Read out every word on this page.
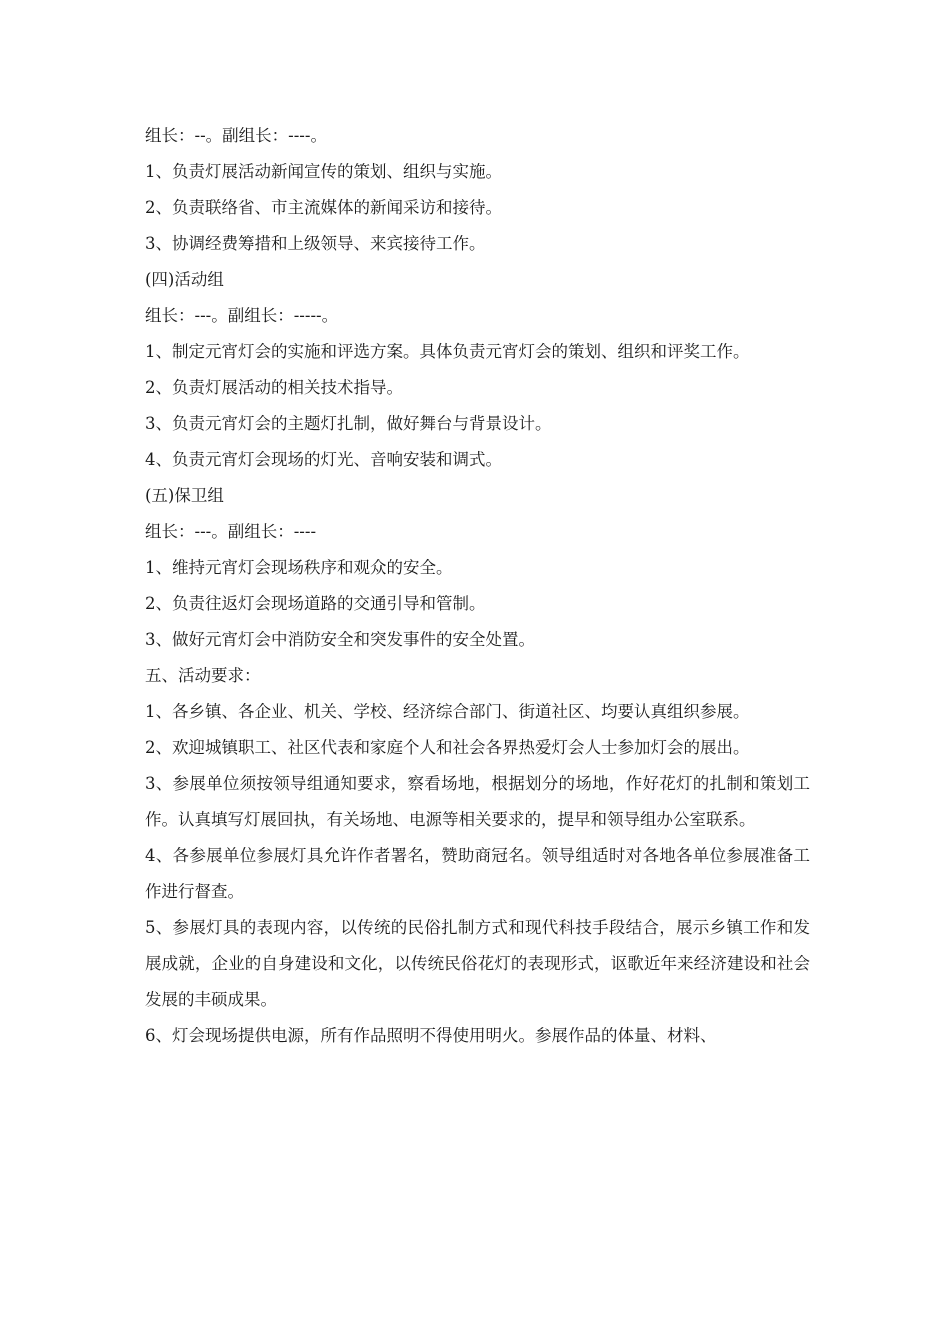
组长：--。副组长：----。

1、负责灯展活动新闻宣传的策划、组织与实施。

2、负责联络省、市主流媒体的新闻采访和接待。

3、协调经费筹措和上级领导、来宾接待工作。

(四)活动组

组长：---。副组长：-----。

1、制定元宵灯会的实施和评选方案。具体负责元宵灯会的策划、组织和评奖工作。

2、负责灯展活动的相关技术指导。

3、负责元宵灯会的主题灯扎制，做好舞台与背景设计。

4、负责元宵灯会现场的灯光、音响安装和调式。

(五)保卫组

组长：---。副组长：----

1、维持元宵灯会现场秩序和观众的安全。

2、负责往返灯会现场道路的交通引导和管制。

3、做好元宵灯会中消防安全和突发事件的安全处置。

五、活动要求：

1、各乡镇、各企业、机关、学校、经济综合部门、街道社区、均要认真组织参展。

2、欢迎城镇职工、社区代表和家庭个人和社会各界热爱灯会人士参加灯会的展出。

3、参展单位须按领导组通知要求，察看场地，根据划分的场地，作好花灯的扎制和策划工作。认真填写灯展回执，有关场地、电源等相关要求的，提早和领导组办公室联系。

4、各参展单位参展灯具允许作者署名，赞助商冠名。领导组适时对各地各单位参展准备工作进行督查。

5、参展灯具的表现内容，以传统的民俗扎制方式和现代科技手段结合，展示乡镇工作和发展成就，企业的自身建设和文化，以传统民俗花灯的表现形式，讴歌近年来经济建设和社会发展的丰硕成果。

6、灯会现场提供电源，所有作品照明不得使用明火。参展作品的体量、材料、
